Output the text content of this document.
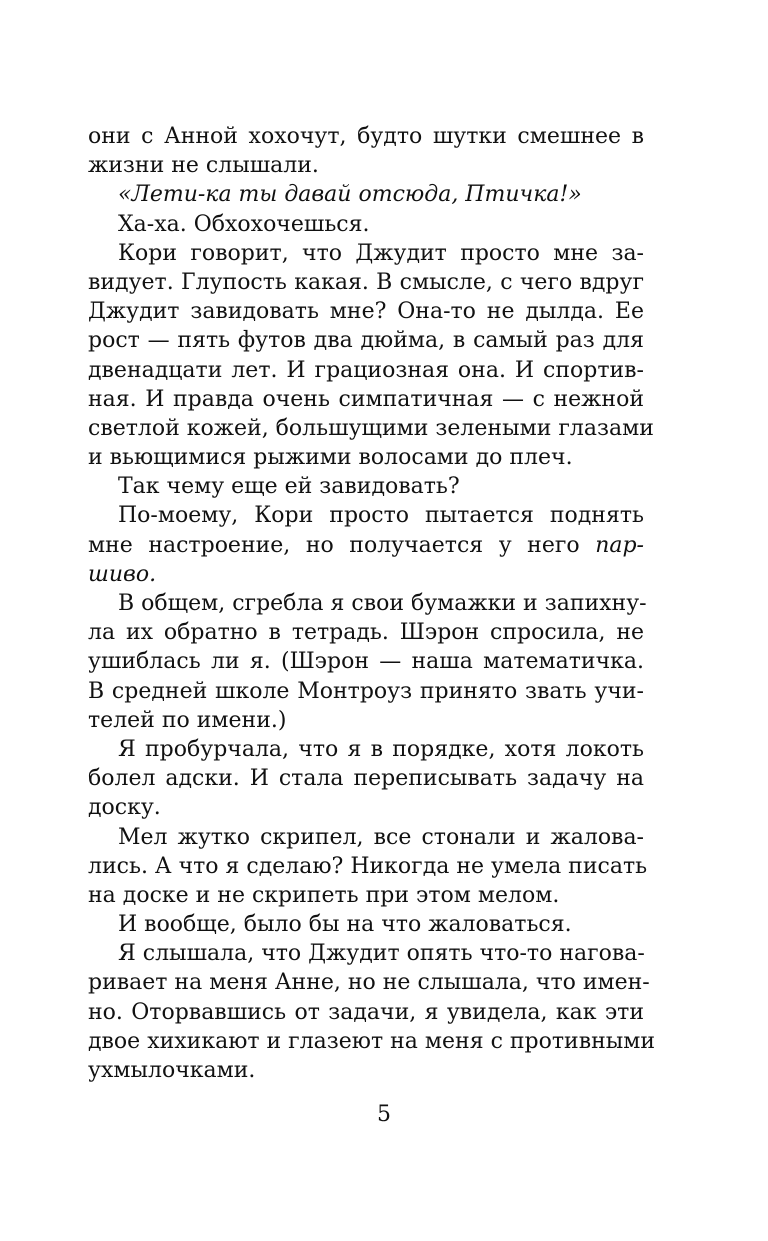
они с Анной хохочут, будто шутки смешнее в
жизни не слышали.
«Лети-ка ты давай отсюда, Птичка!»
Ха-ха. Обхохочешься.
Кори говорит, что Джудит просто мне за-
видует. Глупость какая. В смысле, с чего вдруг
Джудит завидовать мне? Она-то не дылда. Ее
рост — пять футов два дюйма, в самый раз для
двенадцати лет. И грациозная она. И спортив-
ная. И правда очень симпатичная — с нежной
светлой кожей, большущими зелеными глазами
и вьющимися рыжими волосами до плеч.
Так чему еще ей завидовать?
По-моему, Кори просто пытается поднять
мне настроение, но получается у него пар-
шиво.
В общем, сгребла я свои бумажки и запихну-
ла их обратно в тетрадь. Шэрон спросила, не
ушиблась ли я. (Шэрон — наша математичка.
В средней школе Монтроуз принято звать учи-
телей по имени.)
Я пробурчала, что я в порядке, хотя локоть
болел адски. И стала переписывать задачу на
доску.
Мел жутко скрипел, все стонали и жалова-
лись. А что я сделаю? Никогда не умела писать
на доске и не скрипеть при этом мелом.
И вообще, было бы на что жаловаться.
Я слышала, что Джудит опять что-то нагова-
ривает на меня Анне, но не слышала, что имен-
но. Оторвавшись от задачи, я увидела, как эти
двое хихикают и глазеют на меня с противными
ухмылочками.
5
